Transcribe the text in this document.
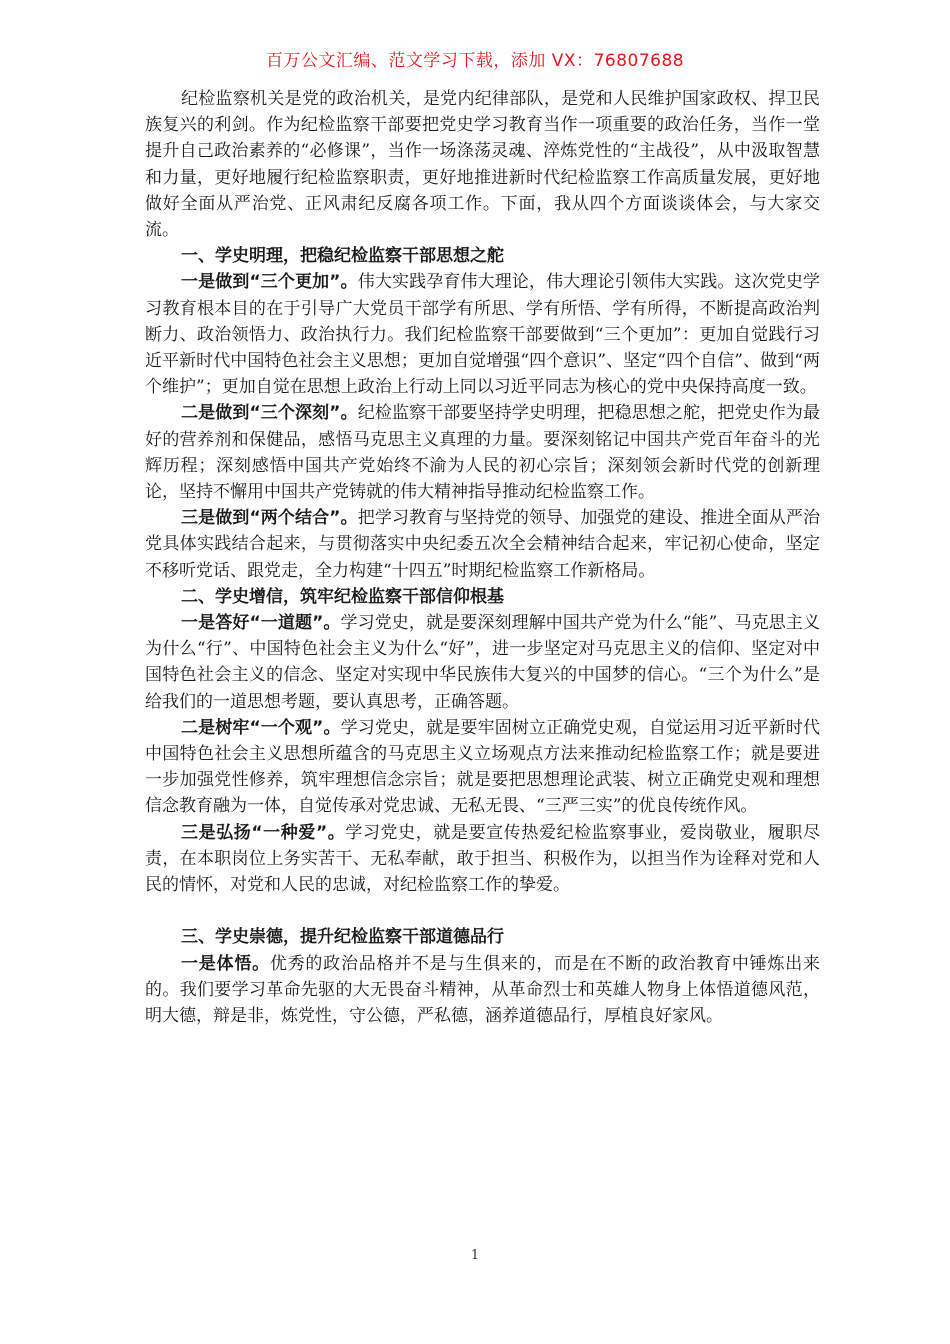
百万公文汇编、范文学习下载，添加 VX：76807688

纪检监察机关是党的政治机关，是党内纪律部队，是党和人民维护国家政权、捍卫民族复兴的利剑。作为纪检监察干部要把党史学习教育当作一项重要的政治任务，当作一堂提升自己政治素养的“必修课”，当作一场涤荡灵魂、淬炼党性的“主战役”，从中汲取智慧和力量，更好地履行纪检监察职责，更好地推进新时代纪检监察工作高质量发展，更好地做好全面从严治党、正风肃纪反腐各项工作。下面，我从四个方面谈谈体会，与大家交流。

一、学史明理，把稳纪检监察干部思想之舵

一是做到“三个更加”。伟大实践孕育伟大理论，伟大理论引领伟大实践。这次党史学习教育根本目的在于引导广大党员干部学有所思、学有所悟、学有所得，不断提高政治判断力、政治领悟力、政治执行力。我们纪检监察干部要做到“三个更加”：更加自觉践行习近平新时代中国特色社会主义思想；更加自觉增强“四个意识”、坚定“四个自信”、做到“两个维护”；更加自觉在思想上政治上行动上同以习近平同志为核心的党中央保持高度一致。

二是做到“三个深刻”。纪检监察干部要坚持学史明理，把稳思想之舵，把党史作为最好的营养剂和保健品，感悟马克思主义真理的力量。要深刻铭记中国共产党百年奋斗的光辉历程；深刻感悟中国共产党始终不渝为人民的初心宗旨；深刻领会新时代党的创新理论，坚持不懈用中国共产党铸就的伟大精神指导推动纪检监察工作。

三是做到“两个结合”。把学习教育与坚持党的领导、加强党的建设、推进全面从严治党具体实践结合起来，与贯彻落实中央纪委五次全会精神结合起来，牢记初心使命，坚定不移听党话、跟党走，全力构建“十四五”时期纪检监察工作新格局。

二、学史增信，筑牢纪检监察干部信仰根基

一是答好“一道题”。学习党史，就是要深刻理解中国共产党为什么“能”、马克思主义为什么“行”、中国特色社会主义为什么“好”，进一步坚定对马克思主义的信仰、坚定对中国特色社会主义的信念、坚定对实现中华民族伟大复兴的中国梦的信心。“三个为什么”是给我们的一道思想考题，要认真思考，正确答题。

二是树牢“一个观”。学习党史，就是要牢固树立正确党史观，自觉运用习近平新时代中国特色社会主义思想所蕴含的马克思主义立场观点方法来推动纪检监察工作；就是要进一步加强党性修养，筑牢理想信念宗旨；就是要把思想理论武装、树立正确党史观和理想信念教育融为一体，自觉传承对党忠诚、无私无畏、“三严三实”的优良传统作风。

三是弘扬“一种爱”。学习党史，就是要宣传热爱纪检监察事业，爱岗敬业，履职尽责，在本职岗位上务实苦干、无私奉献，敢于担当、积极作为，以担当作为诠释对党和人民的情怀，对党和人民的忠诚，对纪检监察工作的挚爱。

三、学史崇德，提升纪检监察干部道德品行

一是体悟。优秀的政治品格并不是与生俱来的，而是在不断的政治教育中锤炼出来的。我们要学习革命先驱的大无畏奋斗精神，从革命烈士和英雄人物身上体悟道德风范，明大德，辩是非，炼党性，守公德，严私德，涵养道德品行，厚植良好家风。

1
